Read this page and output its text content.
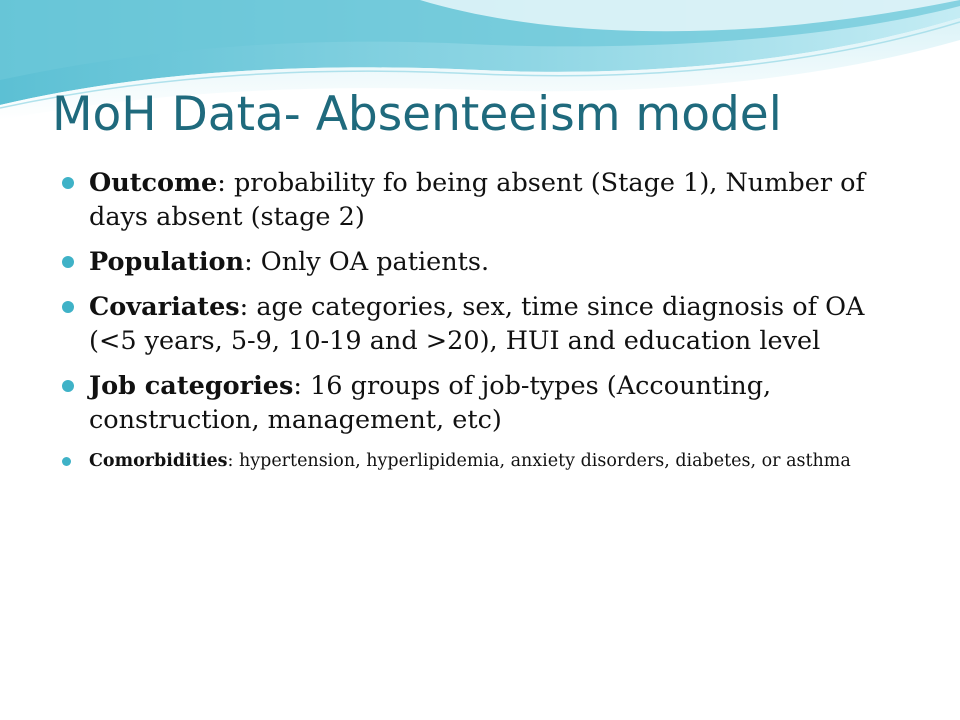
MoH Data- Absenteeism model
Outcome: probability fo being absent (Stage 1), Number of days absent (stage 2)
Population: Only OA patients.
Covariates: age categories, sex, time since diagnosis of OA (<5 years, 5-9, 10-19 and >20), HUI and education level
Job categories: 16 groups of job-types (Accounting, construction, management, etc)
Comorbidities: hypertension, hyperlipidemia, anxiety disorders, diabetes, or asthma
